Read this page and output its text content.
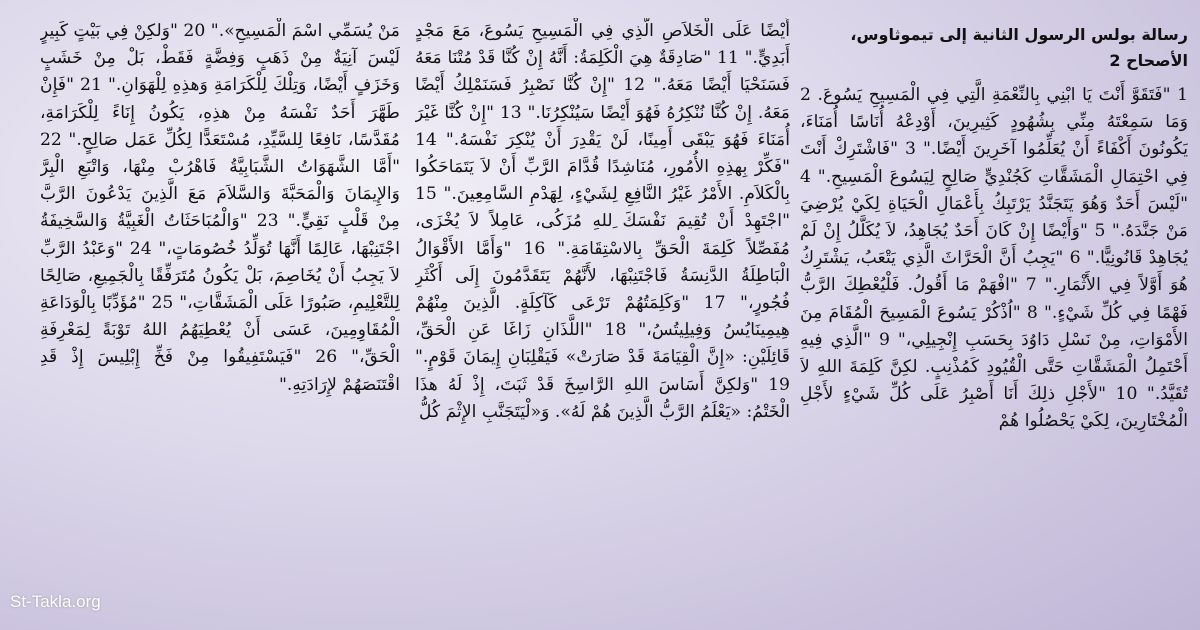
رسالة بولس الرسول الثانية إلى تيموثاوس،
الأصحاح 2

1 "فَتَقَوَّ أَنْتَ يَا ابْنِي بِالنِّعْمَةِ الَّتِي فِي الْمَسِيحِ يَسُوعَ. 2 وَمَا سَمِعْتَهُ مِنِّي بِشُهُودٍ كَثِيرِينَ، أَوْدِعْهُ أُنَاسًا أُمَنَاءَ، يَكُونُونَ أَكْفَاءً أَنْ يُعَلِّمُوا آخَرِينَ أَيْضًا." 3 "فَاشْتَرِكْ أَنْتَ فِي احْتِمَالِ الْمَشَقَّاتِ كَجُنْدِيٍّ صَالِحٍ لِيَسُوعَ الْمَسِيحِ." 4 "لَيْسَ أَحَدٌ وَهُوَ يَتَجَنَّدُ يَرْتَبِكُ بِأَعْمَالِ الْحَيَاةِ لِكَيْ يُرْضِيَ مَنْ جَنَّدَهُ." 5 "وَأَيْضًا إِنْ كَانَ أَحَدٌ يُجَاهِدُ، لاَ يُكَلَّلُ إِنْ لَمْ يُجَاهِدْ قَانُونِيًّا." 6 "يَجِبُ أَنَّ الْحَرَّاثَ الَّذِي يَتْعَبُ، يَشْتَرِكُ هُوَ أَوَّلاً فِي الأَثْمَارِ." 7 "افْهَمْ مَا أَقُولُ. فَلْيُعْطِكَ الرَّبُّ فَهْمًا فِي كُلِّ شَيْءٍ." 8 "اُذْكُرْ يَسُوعَ الْمَسِيحَ الْمُقَامَ مِنَ الأَمْوَاتِ، مِنْ نَسْلِ دَاوُدَ بِحَسَبِ إِنْجِيلِي،" 9 "الَّذِي فِيهِ أَحْتَمِلُ الْمَشَقَّاتِ حَتَّى الْقُيُودِ كَمُذْنِبٍ. لكِنَّ كَلِمَةَ اللهِ لاَ تُقَيَّدُ." 10 "لأَجْلِ ذلِكَ أَنَا أَصْبِرُ عَلَى كُلِّ شَيْءٍ لأَجْلِ الْمُخْتَارِينَ، لِكَيْ يَحْصُلُوا هُمْ

أَيْضًا عَلَى الْخَلاَصِ الَّذِي فِي الْمَسِيحِ يَسُوعَ، مَعَ مَجْدٍ أَبَدِيٍّ." 11 "صَادِقَةٌ هِيَ الْكَلِمَةُ: أَنَّهُ إِنْ كُنَّا قَدْ مُتْنَا مَعَهُ فَسَنَحْيَا أَيْضًا مَعَهُ." 12 "إِنْ كُنَّا نَصْبِرُ فَسَنَمْلِكُ أَيْضًا مَعَهُ. إِنْ كُنَّا نُنْكِرُهُ فَهُوَ أَيْضًا سَيُنْكِرُنَا." 13 "إِنْ كُنَّا غَيْرَ أُمَنَاءَ فَهُوَ يَبْقَى أَمِينًا، لَنْ يَقْدِرَ أَنْ يُنْكِرَ نَفْسَهُ." 14 "فَكِّرْ بِهذِهِ الأُمُورِ، مُنَاشِدًا قُدَّامَ الرَّبِّ أَنْ لاَ يَتَمَاحَكُوا بِالْكَلاَمِ. الأَمْرُ غَيْرُ النَّافِعِ لِشَيْءٍ، لِهَدْمِ السَّامِعِينَ." 15 "اجْتَهِدْ أَنْ تُقِيمَ نَفْسَكَ ِللهِ مُزَكُى، عَامِلاً لاَ يُخْزَى، مُفَصِّلاً كَلِمَةَ الْحَقِّ بِالاسْتِقَامَةِ." 16 "وَأَمَّا الأَقْوَالُ الْبَاطِلَةُ الدَّنِسَةُ فَاجْتَنِبْهَا، لأَنَّهُمْ يَتَقَدَّمُونَ إِلَى أَكْثَرِ فُجُورٍ،" 17 "وَكَلِمَتُهُمْ تَرْعَى كَآكِلَةٍ. الَّذِينَ مِنْهُمْ هِيمِينَايُسُ وَفِيلِيتُسُ،" 18 "اللَّذَانِ زَاغَا عَنِ الْحَقِّ، قَائِلَيْنِ: «إِنَّ الْقِيَامَةَ قَدْ صَارَتْ» فَيَقْلِبَانِ إِيمَانَ قَوْمٍ." 19 "وَلكِنَّ أَسَاسَ اللهِ الرَّاسِخَ قَدْ ثَبَتَ، إِذْ لَهُ هذَا الْخَتْمُ: «يَعْلَمُ الرَّبُّ الَّذِينَ هُمْ لَهُ». وَ«لْيَتَجَنَّبِ الإِثْمَ كُلُّ

مَنْ يُسَمِّي اسْمَ الْمَسِيحِ»." 20 "وَلكِنْ فِي بَيْتٍ كَبِيرٍ لَيْسَ آنِيَةٌ مِنْ ذَهَبٍ وَفِضَّةٍ فَقَطْ، بَلْ مِنْ خَشَبٍ وَخَزَفٍ أَيْضًا، وَتِلْكَ لِلْكَرَامَةِ وَهذِهِ لِلْهَوَانِ." 21 "فَإِنْ طَهَّرَ أَحَدٌ نَفْسَهُ مِنْ هذِهِ، يَكُونُ إِنَاءً لِلْكَرَامَةِ، مُقَدَّسًا، نَافِعًا لِلسَّيِّدِ، مُسْتَعَدًّا لِكُلِّ عَمَل صَالِحٍ." 22 "أَمَّا الشَّهَوَاتُ الشَّبَابِيَّةُ فَاهْرُبْ مِنْهَا، وَاتْبَعِ الْبِرَّ وَالإِيمَانَ وَالْمَحَبَّةَ وَالسَّلاَمَ مَعَ الَّذِينَ يَدْعُونَ الرَّبَّ مِنْ قَلْبٍ نَقِيٍّ." 23 "وَالْمُبَاحَثَاتُ الْغَبِيَّةُ وَالسَّخِيفَةُ اجْتَنِبْهَا، عَالِمًا أَنَّهَا تُوَلِّدُ خُصُومَاتٍ،" 24 "وَعَبْدُ الرَّبِّ لاَ يَجِبُ أَنْ يُخَاصِمَ، بَلْ يَكُونُ مُتَرَفِّقًا بِالْجَمِيعِ، صَالِحًا لِلتَّعْلِيمِ، صَبُورًا عَلَى الْمَشَقَّاتِ،" 25 "مُؤَدِّبًا بِالْوَدَاعَةِ الْمُقَاوِمِينَ، عَسَى أَنْ يُعْطِيَهُمُ اللهُ تَوْبَةً لِمَعْرِفَةِ الْحَقِّ،" 26 "فَيَسْتَفِيقُوا مِنْ فَخِّ إِبْلِيسَ إِذْ قَدِ اقْتَنَصَهُمْ لإِرَادَتِهِ."

St-Takla.org
